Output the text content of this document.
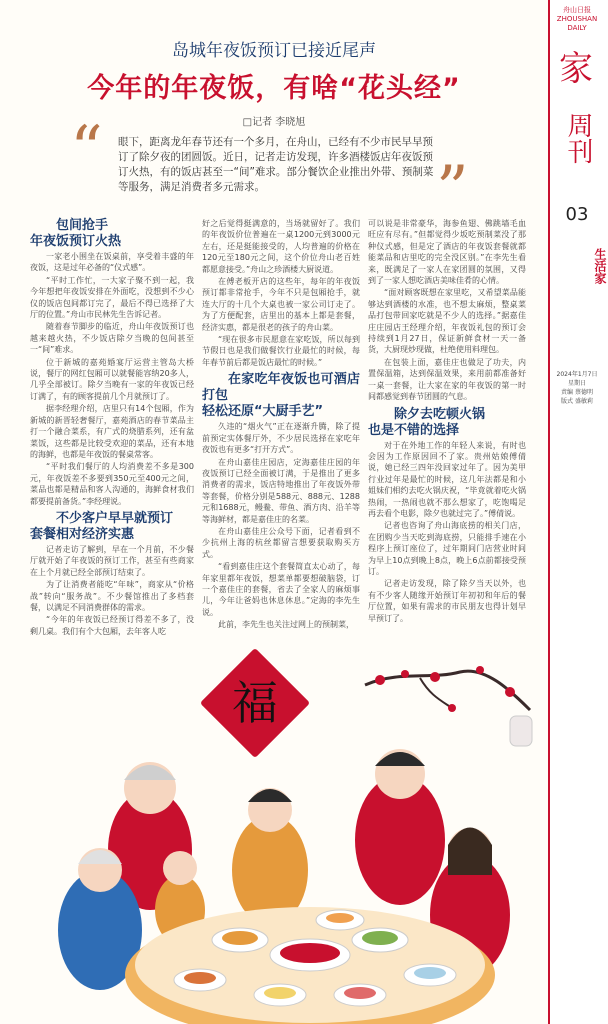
岛城年夜饭预订已接近尾声
今年的年夜饭，有啥“花头经”
□记者 李晓旭
“
”
眼下，距离龙年春节还有一个多月，在舟山，已经有不少市民早早预订了除夕夜的团圆饭。近日，记者走访发现，许多酒楼饭店年夜饭预订火热，有的饭店甚至一“间”难求。部分餐饮企业推出外带、预制菜等服务，满足消费者多元需求。

包间抢手
年夜饭预订火热

一家老小围坐在饭桌前，享受着丰盛的年夜饭，这是过年必备的“仪式感”。

“平时工作忙，一大家子聚不到一起，我今年想把年夜饭安排在外面吃，没想到不少心仪的饭店包间都订完了，最后不得已选择了大厅的位置。”舟山市民林先生告诉记者。

随着春节脚步的临近，舟山年夜饭预订也越来越火热，不少饭店除夕当晚的包间甚至一“间”难求。

位于新城的嘉苑婚宴厅运营主管岛大桥说，餐厅的网红包厢可以就餐能容纳20多人，几乎全部被订。除夕当晚有一家的年夜饭已经订满了，有的顾客提前几个月就预订了。

据李经理介绍，店里只有14个包厢，作为新城的新晋轻奢餐厅，嘉苑酒店的春节菜品主打一个融合菜系，有广式的烧腊系列，还有盆菜饭，这些都是比较受欢迎的菜品，还有本地的海鲜，也都是年夜饭的餐桌常客。

“平时我们餐厅的人均消费差不多是300元，年夜饭差不多要到350元至400元之间，菜品也都是精品和客人沟通的，海鲜食材我们都要提前备货。”李经理说。

不少客户早早就预订
套餐相对经济实惠

记者走访了解到，早在一个月前，不少餐厅就开始了年夜饭的预订工作，甚至有些商家在上个月就已经全部预订结束了。

为了让消费者能吃“年味”，商家从“价格战”转向“服务战”。不少餐馆推出了多档套餐，以满足不同消费群体的需求。

“今年的年夜饭已经预订得差不多了，没剩几桌。我们有个大包厢，去年客人吃

好之后觉得挺满意的，当场就留好了。我们的年夜饭价位普遍在一桌1200元到3000元左右，还是挺能接受的，人均普遍的价格在120元至180元之间，这个价位舟山老百姓都愿意接受。”舟山之珍酒楼大厨说道。

在傅老板开店的这些年，每年的年夜饭预订都非常抢手，今年不只是包厢抢手，就连大厅的十几个大桌也被一家公司订走了。为了方便配套，店里出的基本上都是套餐，经济实惠，都是很老的孩子的舟山菜。

“现在很多市民愿意在家吃饭，所以每到节假日也是我们做餐饮行业最忙的时候，每年春节前后都是饭店最忙的时候。”

在家吃年夜饭也可酒店打包
轻松还原“大厨手艺”

久违的“烟火气”正在逐渐升腾，除了提前预定实体餐厅外，不少居民选择在家吃年夜饭也有更多“打开方式”。

在舟山嘉佳庄园店，定海嘉佳庄园的年夜饭预订已经全面被订满，于是推出了更多消费者的需求，饭店特地推出了年夜饭外带等套餐，价格分别是588元、888元、1288元和1688元，鳗鲞、带鱼、酒方肉、沿羊等等海鲜材，都是嘉佳庄的名菜。

在舟山嘉佳庄公众号下面，记者看到不少抗州上海的杭丝都留言想要获取购买方式。

“看到嘉佳庄这个套餐简直太心动了，每年家里都年夜饭，想菜单都要想破脑袋，订一个嘉佳庄的套餐，省去了全家人的麻烦事儿，今年让爸妈也休息休息。”定海的李先生说。

此前，李先生也关注过网上的预制菜，

可以说是非常豪华，海参鱼翅、佛跳墙毛血旺应有尽有。”但都觉得少坂吃预制菜没了那种仪式感，但是定了酒店的年夜饭套餐就都能菜品和店里吃的完全没区别。”在李先生看来，既满足了一家人在家团圆的氛围，又得到了一家人想吃酒店美味佳肴的心情。

“面对顾客既想在家里吃，又希望菜品能够达到酒楼的水准，也不想太麻烦，整桌菜品打包带回家吃就是不少人的选择。”据嘉佳庄庄园店王经理介绍，年夜饭礼包的预订会持续到1月27日，保证新鲜食材一天一备货，大厨现炒现做，杜绝使用料理包。

在包装上面，嘉佳庄也做足了功夫，内置保温箱，达到保温效果，来用前都准备好一桌一套餐，让大家在家的年夜饭的第一时间都感觉到春节团圆的气息。

除夕去吃顿火锅
也是不错的选择

对于在外地工作的年轻人来说，有时也会因为工作原因回不了家。贵州姑娘傅倩说，她已经三四年没回家过年了。因为美甲行业过年是最忙的时候，这几年法都是和小姐妹们相约去吃火锅庆祝，“毕竟就着吃火锅热闹，一热闹也就不那么想家了，吃饱喝足再去看个电影，除夕也就过完了。”傅倩说。

记者也咨询了舟山海底捞的相关门店，在团购少当天吃到海底捞，只能排手速在小程序上预订座位了，过年期间门店营业时间为早上10点到晚上8点，晚上6点前都接受预订。

记者走访发现，除了除夕当天以外，也有不少客人随缘开始预订年初初和年后的餐厅位置，如果有需求的市民朋友也得计划早早预订了。

福
舟山日报 ZHOUSHAN DAILY
家
周刊
03
生活家
2024年1月7日
星期日
责编 蔡德明
版式 盛敏莉
